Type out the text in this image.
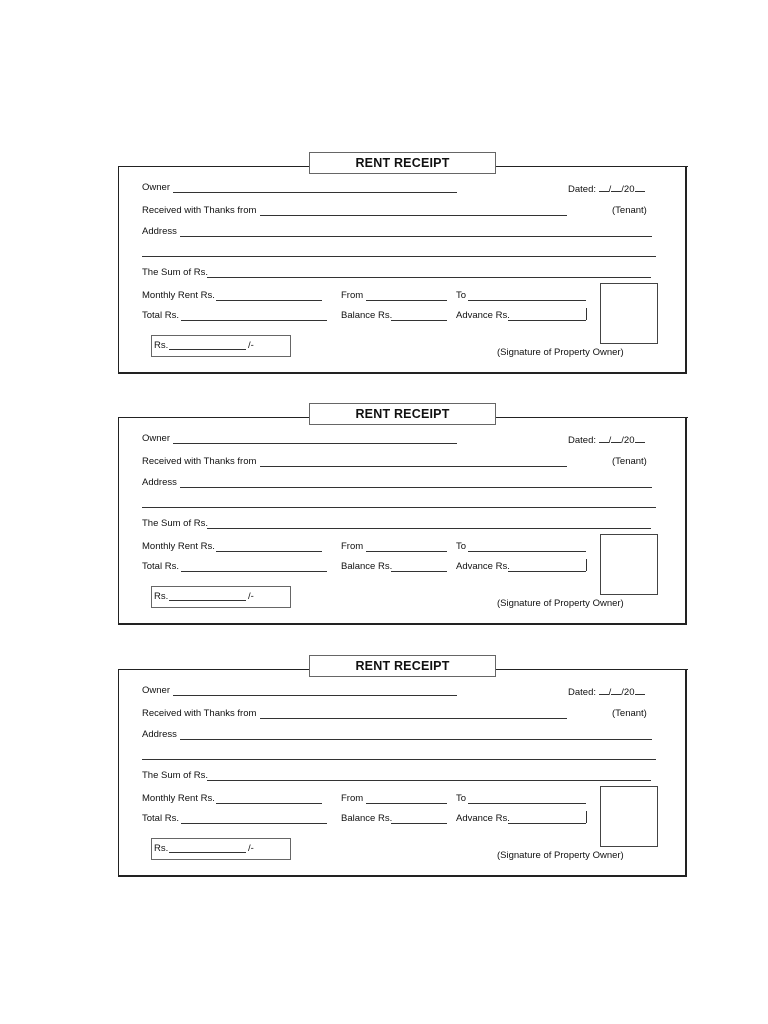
RENT RECEIPT
Owner	Dated: / /20
Received with Thanks from	(Tenant)
Address
The Sum of Rs.
Monthly Rent Rs.	From	To
Total Rs.	Balance Rs.	Advance Rs.
Rs.	/-
(Signature of Property Owner)
RENT RECEIPT
Owner	Dated: / /20
Received with Thanks from	(Tenant)
Address
The Sum of Rs.
Monthly Rent Rs.	From	To
Total Rs.	Balance Rs.	Advance Rs.
Rs.	/-
(Signature of Property Owner)
RENT RECEIPT
Owner	Dated: / /20
Received with Thanks from	(Tenant)
Address
The Sum of Rs.
Monthly Rent Rs.	From	To
Total Rs.	Balance Rs.	Advance Rs.
Rs.	/-
(Signature of Property Owner)
